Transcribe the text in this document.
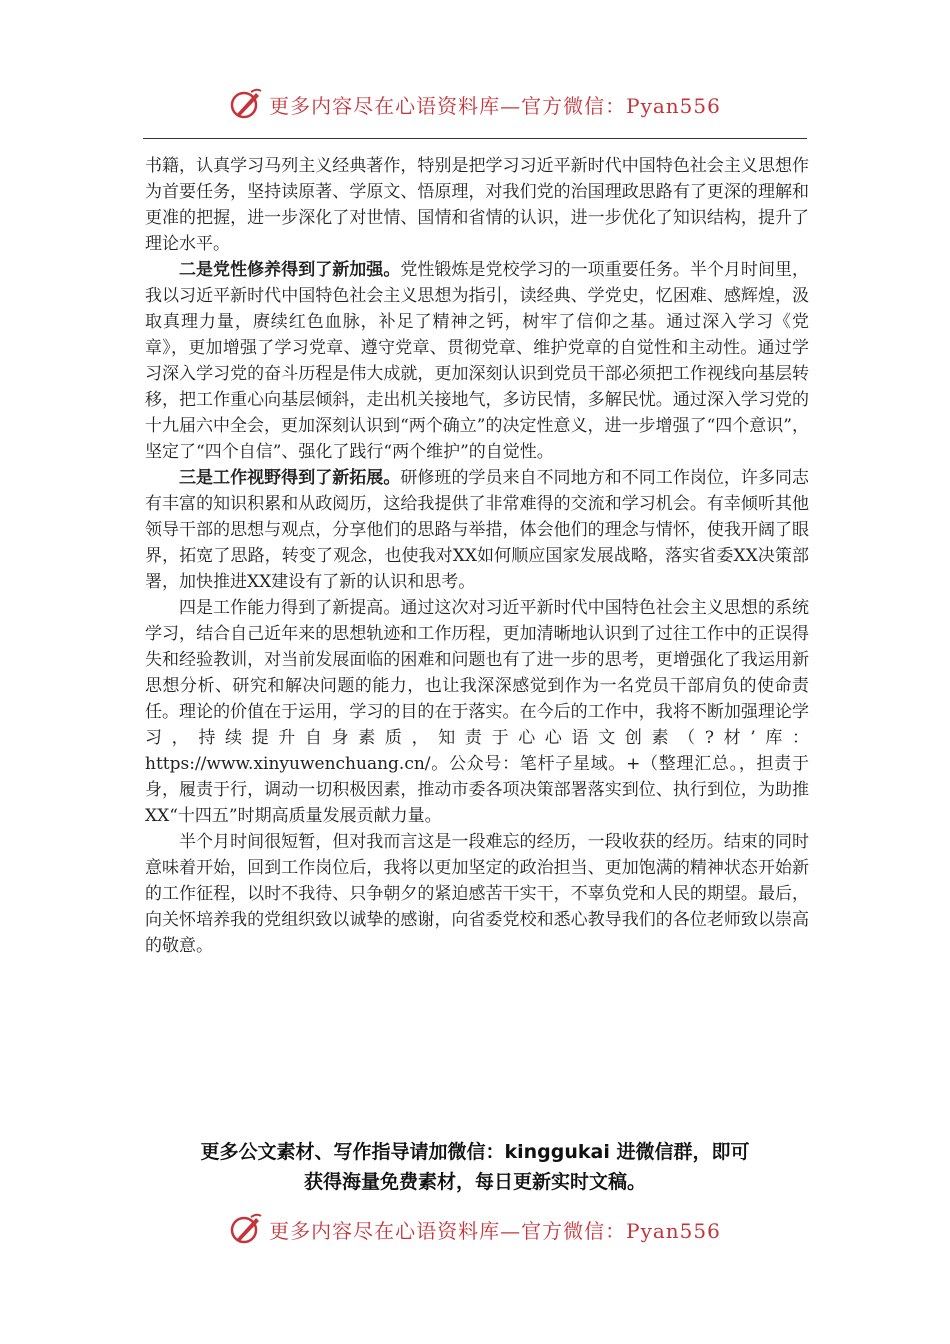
更多内容尽在心语资料库—官方微信：Pyan556

书籍，认真学习马列主义经典著作，特别是把学习习近平新时代中国特色社会主义思想作为首要任务，坚持读原著、学原文、悟原理，对我们党的治国理政思路有了更深的理解和更准的把握，进一步深化了对世情、国情和省情的认识，进一步优化了知识结构，提升了理论水平。

二是党性修养得到了新加强。党性锻炼是党校学习的一项重要任务。半个月时间里，我以习近平新时代中国特色社会主义思想为指引，读经典、学党史，忆困难、感辉煌，汲取真理力量，赓续红色血脉，补足了精神之钙，树牢了信仰之基。通过深入学习《党章》，更加增强了学习党章、遵守党章、贯彻党章、维护党章的自觉性和主动性。通过学习深入学习党的奋斗历程是伟大成就，更加深刻认识到党员干部必须把工作视线向基层转移，把工作重心向基层倾斜，走出机关接地气，多访民情，多解民忧。通过深入学习党的十九届六中全会，更加深刻认识到“两个确立”的决定性意义，进一步增强了“四个意识”，坚定了“四个自信”、强化了践行“两个维护”的自觉性。

三是工作视野得到了新拓展。研修班的学员来自不同地方和不同工作岗位，许多同志有丰富的知识积累和从政阅历，这给我提供了非常难得的交流和学习机会。有幸倾听其他领导干部的思想与观点，分享他们的思路与举措，体会他们的理念与情怀，使我开阔了眼界，拓宽了思路，转变了观念，也使我对XX如何顺应国家发展战略，落实省委XX决策部署，加快推进XX建设有了新的认识和思考。

四是工作能力得到了新提高。通过这次对习近平新时代中国特色社会主义思想的系统学习，结合自己近年来的思想轨迹和工作历程，更加清晰地认识到了过往工作中的正误得失和经验教训，对当前发展面临的困难和问题也有了进一步的思考，更增强化了我运用新思想分析、研究和解决问题的能力，也让我深深感觉到作为一名党员干部肩负的使命责任。理论的价值在于运用，学习的目的在于落实。在今后的工作中，我将不断加强理论学习，持续提升自身素质，知责于心心语文创素（?材’库：https://www.xinyuwenchuang.cn/。公众号：笔杆子星域。+（整理汇总。，担责于身，履责于行，调动一切积极因素，推动市委各项决策部署落实到位、执行到位，为助推XX“十四五”时期高质量发展贡献力量。

半个月时间很短暂，但对我而言这是一段难忘的经历，一段收获的经历。结束的同时意味着开始，回到工作岗位后，我将以更加坚定的政治担当、更加饱满的精神状态开始新的工作征程，以时不我待、只争朝夕的紧迫感苦干实干，不辜负党和人民的期望。最后，向关怀培养我的党组织致以诚挚的感谢，向省委党校和悉心教导我们的各位老师致以崇高的敬意。

更多公文素材、写作指导请加微信：kinggukai 进微信群，即可
获得海量免费素材，每日更新实时文稿。
更多内容尽在心语资料库—官方微信：Pyan556
